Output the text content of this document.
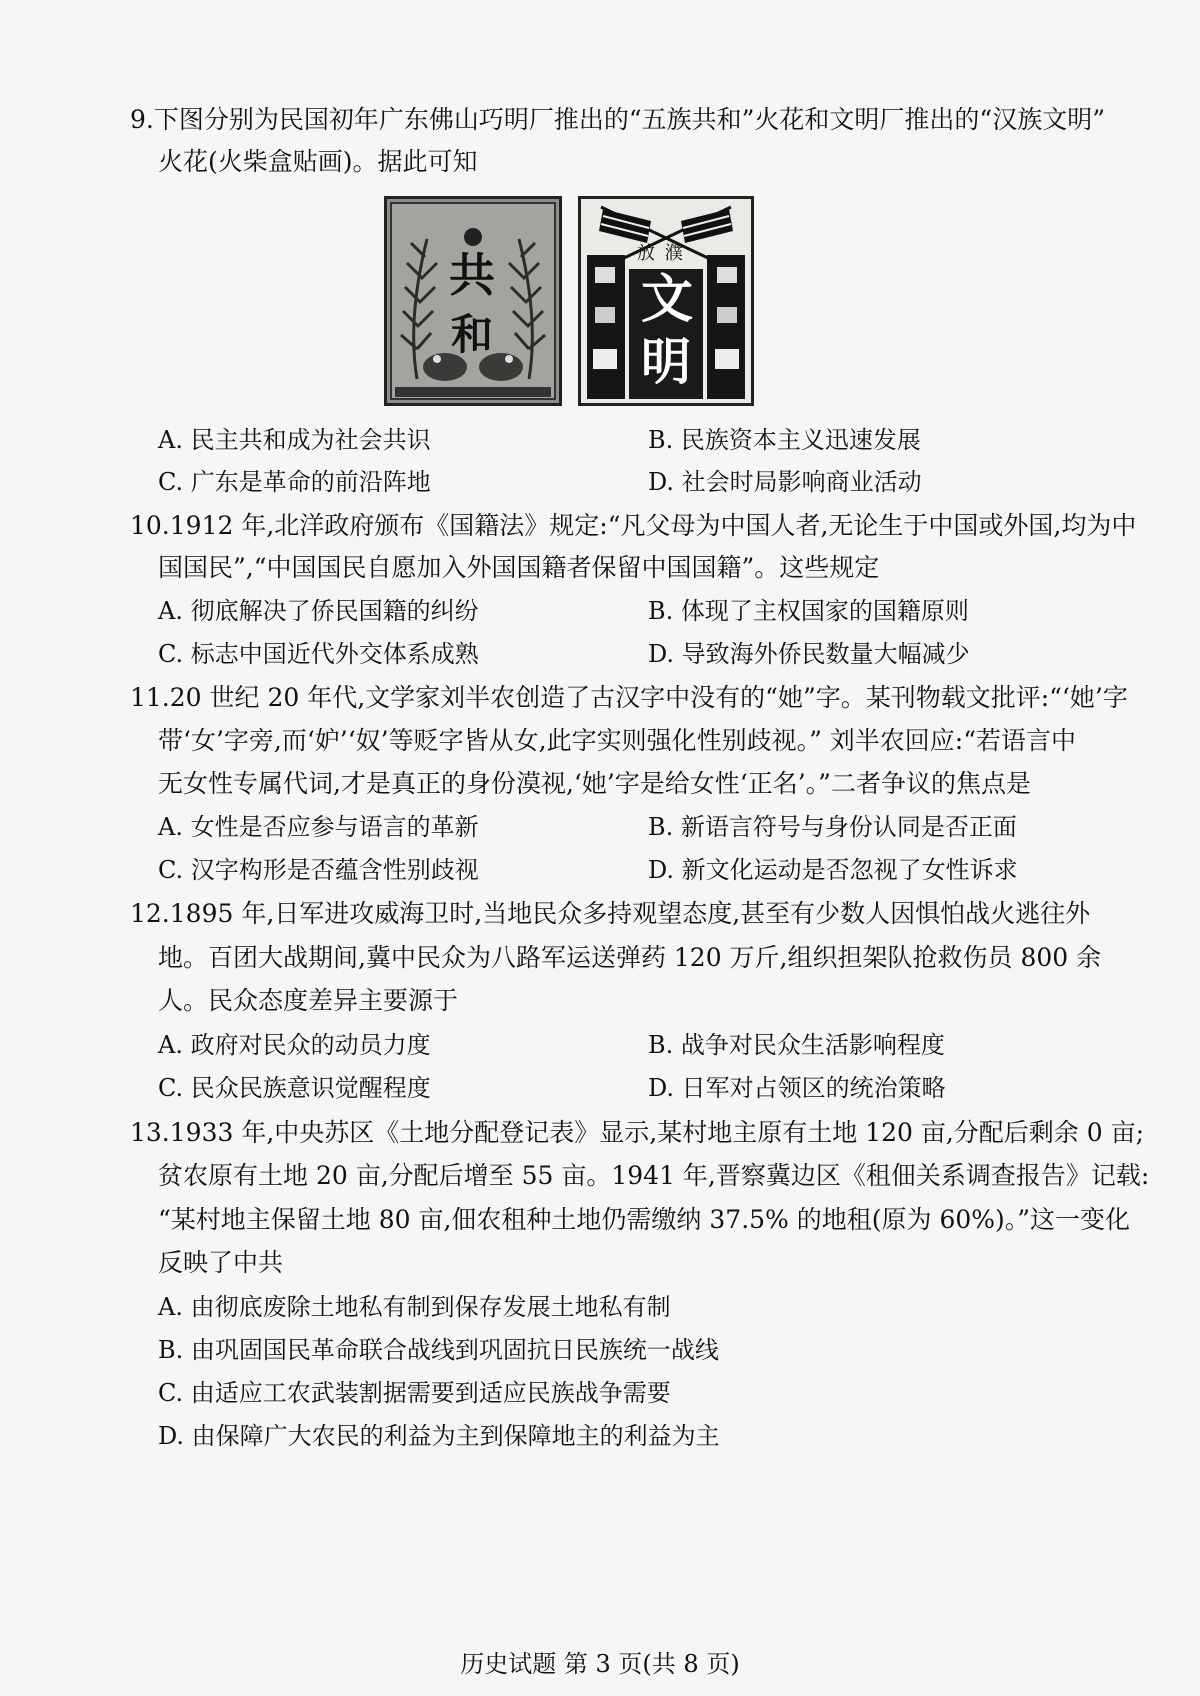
9.下图分别为民国初年广东佛山巧明厂推出的“五族共和”火花和文明厂推出的“汉族文明”
火花(火柴盒贴画)。据此可知
共
和
放 濮
文
明
A. 民主共和成为社会共识	B. 民族资本主义迅速发展
C. 广东是革命的前沿阵地	D. 社会时局影响商业活动
10.1912 年,北洋政府颁布《国籍法》规定:“凡父母为中国人者,无论生于中国或外国,均为中
国国民”,“中国国民自愿加入外国国籍者保留中国国籍”。这些规定
A. 彻底解决了侨民国籍的纠纷	B. 体现了主权国家的国籍原则
C. 标志中国近代外交体系成熟	D. 导致海外侨民数量大幅减少
11.20 世纪 20 年代,文学家刘半农创造了古汉字中没有的“她”字。某刊物载文批评:“‘她’字
带‘女’字旁,而‘妒’‘奴’等贬字皆从女,此字实则强化性别歧视。” 刘半农回应:“若语言中
无女性专属代词,才是真正的身份漠视,‘她’字是给女性‘正名’。”二者争议的焦点是
A. 女性是否应参与语言的革新	B. 新语言符号与身份认同是否正面
C. 汉字构形是否蕴含性别歧视	D. 新文化运动是否忽视了女性诉求
12.1895 年,日军进攻威海卫时,当地民众多持观望态度,甚至有少数人因惧怕战火逃往外
地。百团大战期间,冀中民众为八路军运送弹药 120 万斤,组织担架队抢救伤员 800 余
人。民众态度差异主要源于
A. 政府对民众的动员力度	B. 战争对民众生活影响程度
C. 民众民族意识觉醒程度	D. 日军对占领区的统治策略
13.1933 年,中央苏区《土地分配登记表》显示,某村地主原有土地 120 亩,分配后剩余 0 亩;
贫农原有土地 20 亩,分配后增至 55 亩。1941 年,晋察冀边区《租佃关系调查报告》记载:
“某村地主保留土地 80 亩,佃农租种土地仍需缴纳 37.5% 的地租(原为 60%)。”这一变化
反映了中共
A. 由彻底废除土地私有制到保存发展土地私有制
B. 由巩固国民革命联合战线到巩固抗日民族统一战线
C. 由适应工农武装割据需要到适应民族战争需要
D. 由保障广大农民的利益为主到保障地主的利益为主
历史试题 第 3 页(共 8 页)
